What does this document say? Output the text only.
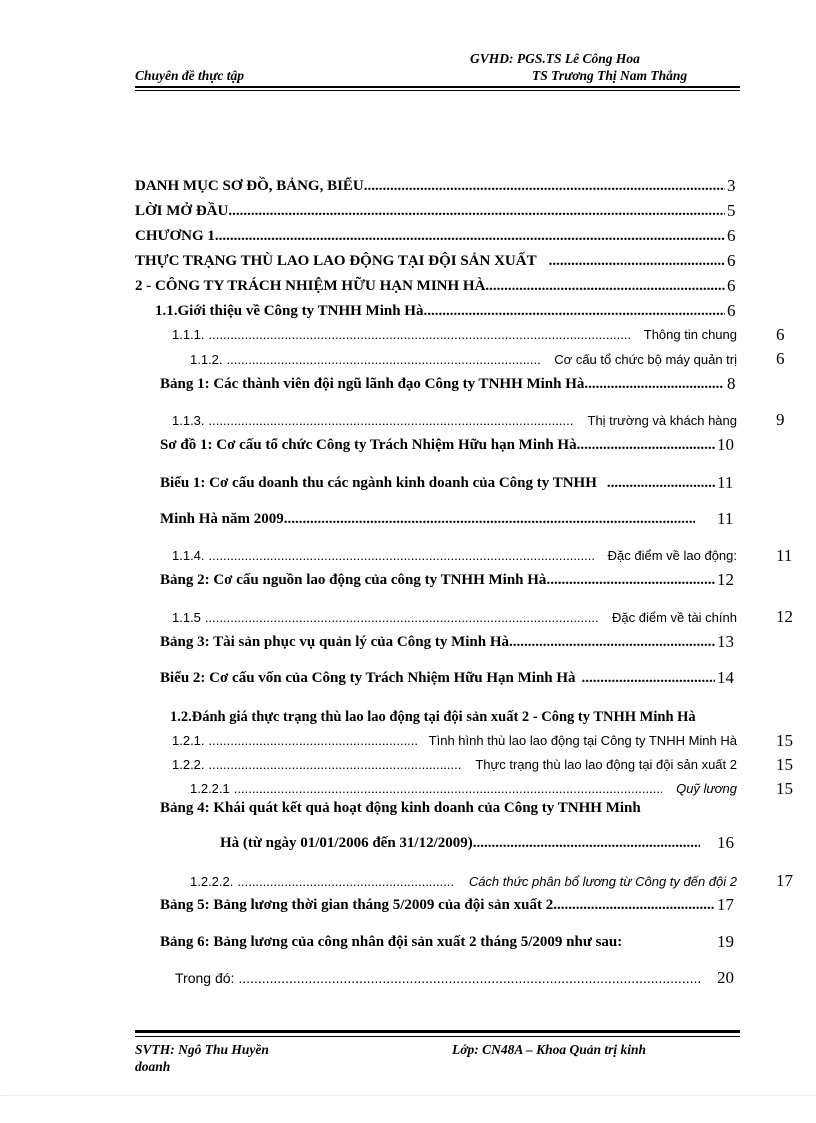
GVHD: PGS.TS Lê Công Hoa
Chuyên đề thực tập	TS Trương Thị Nam Thắng
DANH MỤC SƠ ĐỒ, BẢNG, BIỂU .....	3
LỜI MỞ ĐẦU .....	5
CHƯƠNG 1 .....	6
THỰC TRẠNG THÙ LAO LAO ĐỘNG TẠI ĐỘI SẢN XUẤT .....	6
2 - CÔNG TY TRÁCH NHIỆM HỮU HẠN MINH HÀ .....	6
1.1.Giới thiệu về Công ty TNHH Minh Hà .....	6
1.1.1. .....	Thông tin chung 6
1.1.2. .....	Cơ cấu tổ chức bộ máy quản trị 6
Bảng 1: Các thành viên đội ngũ lãnh đạo Công ty TNHH Minh Hà .....	8
1.1.3. .....	Thị trường và khách hàng 9
Sơ đồ 1: Cơ cấu tổ chức Công ty Trách Nhiệm Hữu hạn Minh Hà .....	10
Biểu 1: Cơ cấu doanh thu các ngành kinh doanh của Công ty TNHH .....	11
Minh Hà năm 2009 .....	11
1.1.4. .....	Đặc điểm về lao động: 11
Bảng 2: Cơ cấu nguồn lao động của công ty TNHH Minh Hà .....	12
1.1.5 .....	Đặc điểm về tài chính 12
Bảng 3: Tài sản phục vụ quản lý của Công ty Minh Hà .....	13
Biểu 2: Cơ cấu vốn của Công ty Trách Nhiệm Hữu Hạn Minh Hà .....	14
1.2.Đánh giá thực trạng thù lao lao động tại đội sản xuất 2 - Công ty TNHH Minh Hà
1.2.1. .....	Tình hình thù lao lao động tại Công ty TNHH Minh Hà 15
1.2.2. .....	Thực trạng thù lao lao động tại đội sản xuất 2 15
1.2.2.1 .....	Quỹ lương 15
Bảng 4: Khái quát kết quả hoạt động kinh doanh của Công ty TNHH Minh
Hà (từ ngày 01/01/2006 đến 31/12/2009) .....	16
1.2.2.2. .....	Cách thức phân bổ lương từ Công ty đến đội 2 17
Bảng 5: Bảng lương thời gian tháng 5/2009 của đội sản xuất 2. .....	17
Bảng 6: Bảng lương của công nhân đội sản xuất 2 tháng 5/2009 như sau:	19
Trong đó: .....	20
SVTH: Ngô Thu Huyền	Lớp: CN48A – Khoa Quản trị kinh
doanh
